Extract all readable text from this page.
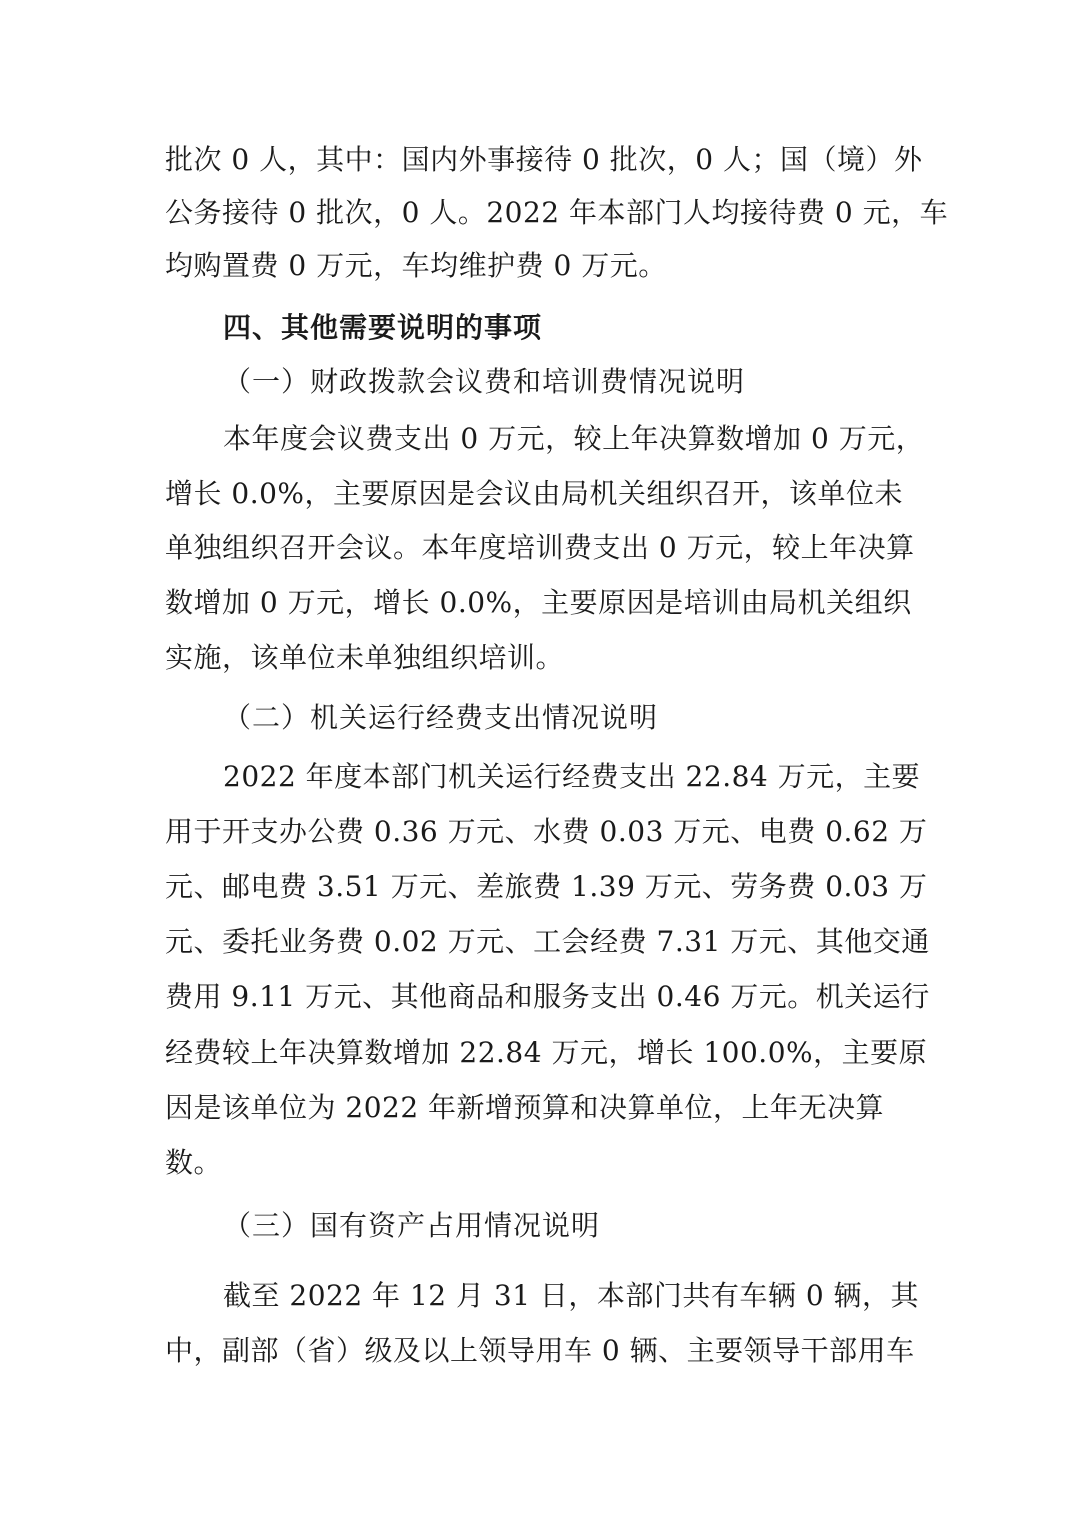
批次 0 人，其中：国内外事接待 0 批次，0 人；国（境）外
公务接待 0 批次，0 人。2022 年本部门人均接待费 0 元，车
均购置费 0 万元，车均维护费 0 万元。
四、其他需要说明的事项
（一）财政拨款会议费和培训费情况说明
本年度会议费支出 0 万元，较上年决算数增加 0 万元，
增长 0.0%，主要原因是会议由局机关组织召开，该单位未
单独组织召开会议。本年度培训费支出 0 万元，较上年决算
数增加 0 万元，增长 0.0%，主要原因是培训由局机关组织
实施，该单位未单独组织培训。
（二）机关运行经费支出情况说明
2022 年度本部门机关运行经费支出 22.84 万元，主要
用于开支办公费 0.36 万元、水费 0.03 万元、电费 0.62 万
元、邮电费 3.51 万元、差旅费 1.39 万元、劳务费 0.03 万
元、委托业务费 0.02 万元、工会经费 7.31 万元、其他交通
费用 9.11 万元、其他商品和服务支出 0.46 万元。机关运行
经费较上年决算数增加 22.84 万元，增长 100.0%，主要原
因是该单位为 2022 年新增预算和决算单位，上年无决算
数。
（三）国有资产占用情况说明
截至 2022 年 12 月 31 日，本部门共有车辆 0 辆，其
中，副部（省）级及以上领导用车 0 辆、主要领导干部用车
